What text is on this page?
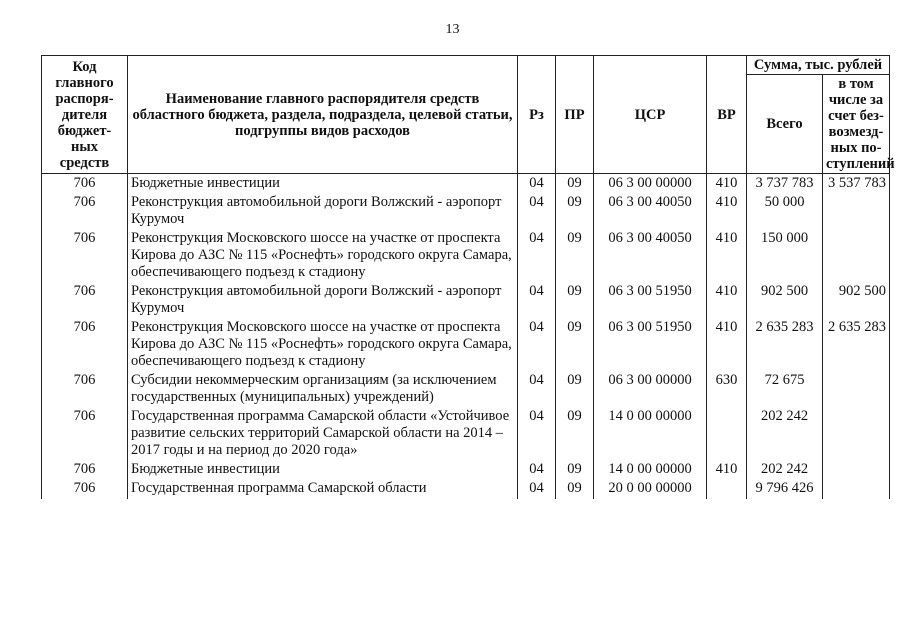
13
Код главного распоря-дителя бюджет-ных средств	Наименование главного распорядителя средств областного бюджета, раздела, подраздела, целевой статьи, подгруппы видов расходов	Рз	ПР	ЦСР	ВР	Сумма, тыс. рублей	
						Всего	в том числе за счет без-возмезд-ных по-ступлений
706	Бюджетные инвестиции	04	09	06 3 00 00000	410	3 737 783	3 537 783
706	Реконструкция автомобильной дороги Волжский - аэропорт Курумоч	04	09	06 3 00 40050	410	50 000	
706	Реконструкция Московского шоссе на участке от проспекта Кирова до АЗС № 115 «Роснефть» городского округа Самара, обеспечивающего подъезд к стадиону	04	09	06 3 00 40050	410	150 000	
706	Реконструкция автомобильной дороги Волжский - аэропорт Курумоч	04	09	06 3 00 51950	410	902 500	902 500
706	Реконструкция Московского шоссе на участке от проспекта Кирова до АЗС № 115 «Роснефть» городского округа Самара, обеспечивающего подъезд к стадиону	04	09	06 3 00 51950	410	2 635 283	2 635 283
706	Субсидии некоммерческим организациям (за исключением государственных (муниципальных) учреждений)	04	09	06 3 00 00000	630	72 675	
706	Государственная программа Самарской области «Устойчивое развитие сельских территорий Самарской области на 2014 – 2017 годы и на период до 2020 года»	04	09	14 0 00 00000		202 242	
706	Бюджетные инвестиции	04	09	14 0 00 00000	410	202 242	
706	Государственная программа Самарской области	04	09	20 0 00 00000		9 796 426	
